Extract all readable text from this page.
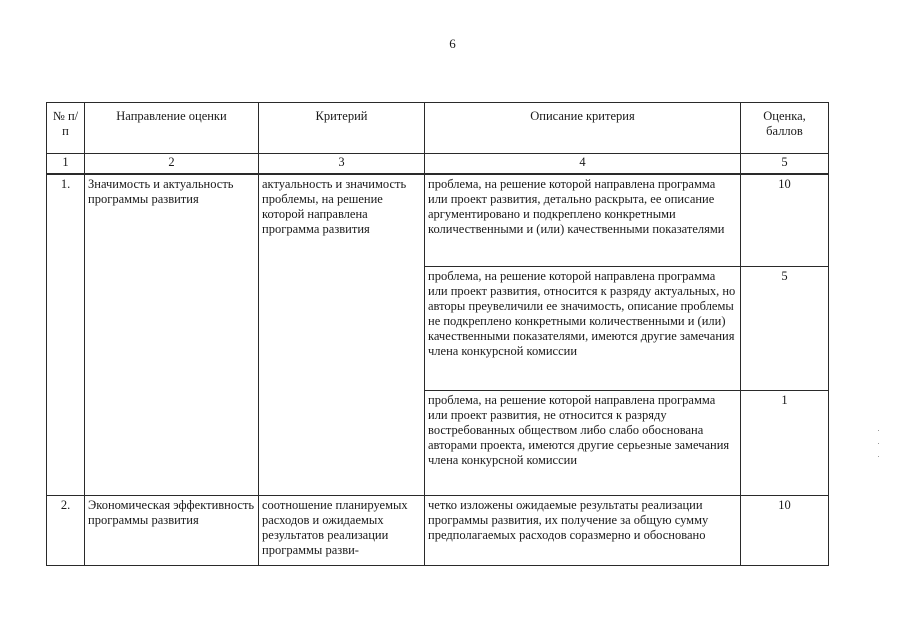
6
№ п/п	Направление оценки	Критерий	Описание критерия	Оценка, баллов
1	2	3	4	5
1.	Значимость и актуальность программы развития	актуальность и значимость проблемы, на решение которой направлена программа развития	проблема, на решение которой направлена программа или проект развития, детально раскрыта, ее описание аргументировано и подкреплено конкретными количественными и (или) качественными показателями	10
			проблема, на решение которой направлена программа или проект развития, относится к разряду актуальных, но авторы преувеличили ее значимость, описание проблемы не подкреплено конкретными количественными и (или) качественными показателями, имеются другие замечания члена конкурсной комиссии	5
			проблема, на решение которой направлена программа или проект развития, не относится к разряду востребованных обществом либо слабо обоснована авторами проекта, имеются другие серьезные замечания члена конкурсной комиссии	1
2.	Экономическая эффективность программы развития	соотношение планируемых расходов и ожидаемых результатов реализации программы разви-	четко изложены ожидаемые результаты реализации программы развития, их получение за общую сумму предполагаемых расходов соразмерно и обосновано	10
